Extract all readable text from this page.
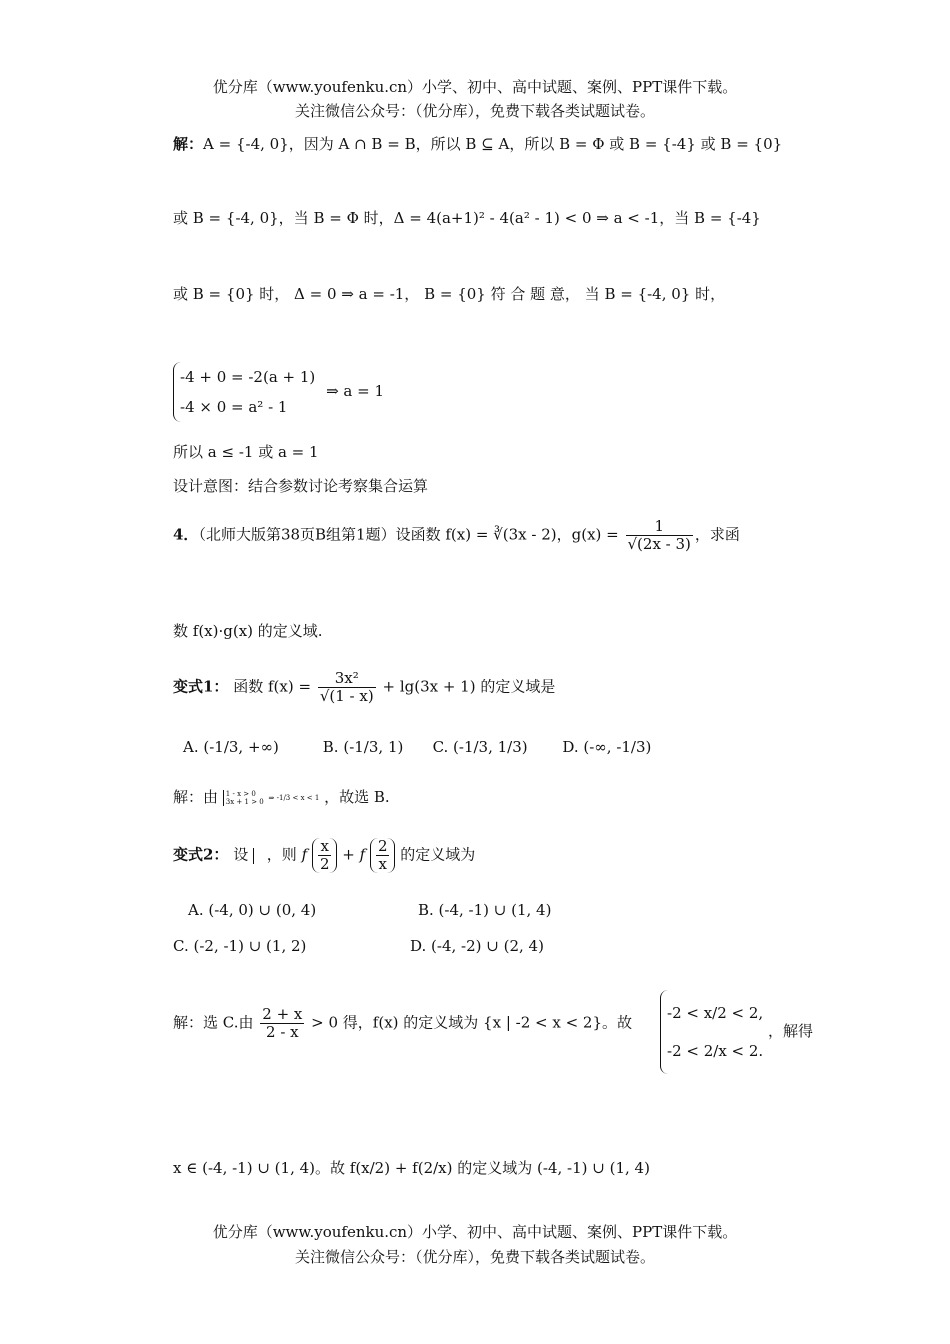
优分库（www.youfenku.cn）小学、初中、高中试题、案例、PPT课件下载。
关注微信公众号：（优分库），免费下载各类试题试卷。
解：A = {-4, 0}，因为 A ∩ B = B，所以 B ⊆ A，所以 B = Φ 或 B = {-4} 或 B = {0}
或 B = {-4, 0}，当 B = Φ 时，Δ = 4(a+1)² - 4(a² - 1) < 0 ⇒ a < -1，当 B = {-4}
或 B = {0} 时， Δ = 0 ⇒ a = -1， B = {0} 符 合 题 意， 当 B = {-4, 0} 时，
-4 + 0 = -2(a + 1)
-4 × 0 = a² - 1
⇒ a = 1
所以 a ≤ -1 或 a = 1
设计意图：结合参数讨论考察集合运算
4．（北师大版第38页B组第1题）设函数 f(x) = ∛(3x - 2)，$g(x) = \frac{1}{√(2x - 3)}$ ，求函
数 f(x)·g(x) 的定义域.
变式1： 函数 $f(x) = \frac{\text{3x²}}{√(1 - x)} + \lg(3x + 1)$ 的定义域是
A. (-1/3, +∞)	B. (-1/3, 1) C. (-1/3, 1/3) D. (-∞, -1/3)
解：由 1 - x > 0
3x + 1 > 0 ⇒ -1/3 < x < 1 ，故选 B.
变式2： 设 ，则 f $\frac{x}{2} + f \frac{2}{x}$ 的定义域为
A. (-4, 0) ∪ (0, 4)	B. (-4, -1) ∪ (1, 4)
C. (-2, -1) ∪ (1, 2)	D. (-4, -2) ∪ (2, 4)
解：选 C.由 $\frac{2 + x}{2 - x} > 0$ 得，f(x) 的定义域为 {x | -2 < x < 2}。故
-2 < x/2 < 2,
-2 < 2/x < 2.
，解得
x ∈ (-4, -1) ∪ (1, 4)。故 f(x/2) + f(2/x) 的定义域为 (-4, -1) ∪ (1, 4)
优分库（www.youfenku.cn）小学、初中、高中试题、案例、PPT课件下载。
关注微信公众号：（优分库），免费下载各类试题试卷。
